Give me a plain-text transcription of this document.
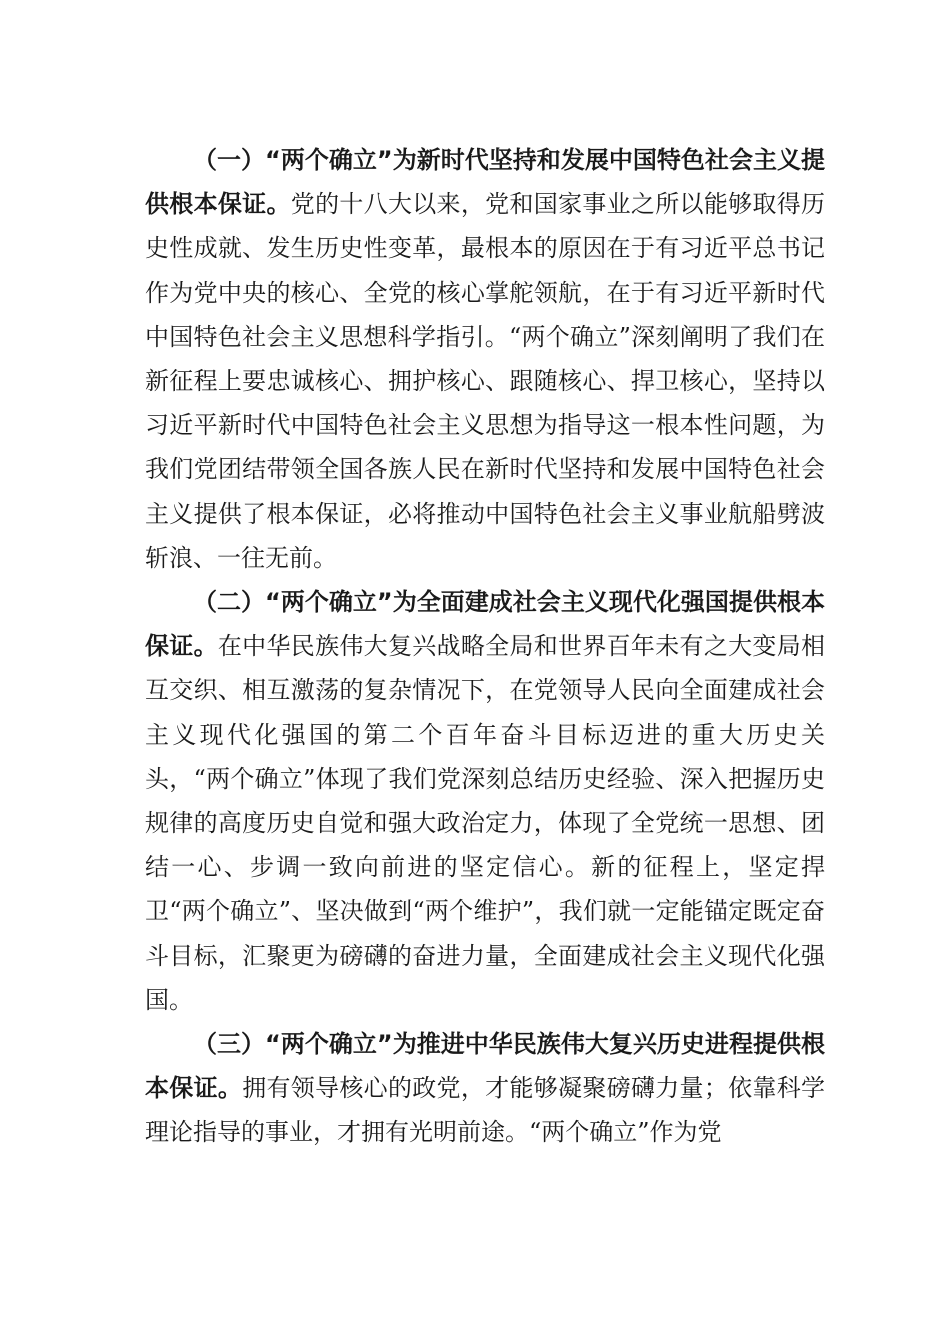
（一）“两个确立”为新时代坚持和发展中国特色社会主义提供根本保证。党的十八大以来，党和国家事业之所以能够取得历史性成就、发生历史性变革，最根本的原因在于有习近平总书记作为党中央的核心、全党的核心掌舵领航，在于有习近平新时代中国特色社会主义思想科学指引。“两个确立”深刻阐明了我们在新征程上要忠诚核心、拥护核心、跟随核心、捍卫核心，坚持以习近平新时代中国特色社会主义思想为指导这一根本性问题，为我们党团结带领全国各族人民在新时代坚持和发展中国特色社会主义提供了根本保证，必将推动中国特色社会主义事业航船劈波斩浪、一往无前。

（二）“两个确立”为全面建成社会主义现代化强国提供根本保证。在中华民族伟大复兴战略全局和世界百年未有之大变局相互交织、相互激荡的复杂情况下，在党领导人民向全面建成社会主义现代化强国的第二个百年奋斗目标迈进的重大历史关头，“两个确立”体现了我们党深刻总结历史经验、深入把握历史规律的高度历史自觉和强大政治定力，体现了全党统一思想、团结一心、步调一致向前进的坚定信心。新的征程上，坚定捍卫“两个确立”、坚决做到“两个维护”，我们就一定能锚定既定奋斗目标，汇聚更为磅礴的奋进力量，全面建成社会主义现代化强国。

（三）“两个确立”为推进中华民族伟大复兴历史进程提供根本保证。拥有领导核心的政党，才能够凝聚磅礴力量；依靠科学理论指导的事业，才拥有光明前途。“两个确立”作为党
